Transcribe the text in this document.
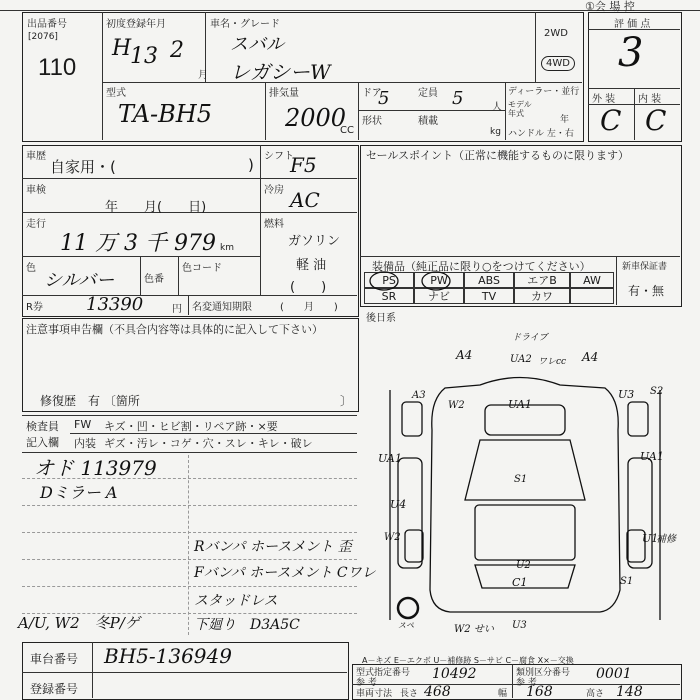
①会 場 控
出品番号
[2076]
110
初度登録年月
H
13 2
月
車名・グレード
スバル
レガシーW
2WD
4WD
評 価 点
3
外 装 内 装
C C
型式
TA-BH5
排気量
2000
CC
ドア
5	定員 5	人
形状	積載
kg
ディーラー・並行
モデル年式
年
ハンドル 左・右
車歴
自家用・(	) シフト
F5
車検
年　　月(　　日)
冷房 AC
走行
11 万 3 千 979 km
燃料
ガソリン
軽 油
(　　)
色
シルバー	色番
色コード
R券 13390	円 名変通知期限	(　　月　　)
セールスポイント（正常に機能するものに限ります）
装備品（純正品に限り○をつけてください）	新車保証書
有・無
PS	PW	ABS	エアB	AW
SR	ナビ	TV	カワ
後日系
注意事項申告欄（不具合内容等は具体的に記入して下さい）
修復歴　有 〔箇所	〕
検査員
記入欄
FW キズ・凹・ヒビ割・リペア跡・×要
内装 ギズ・汚レ・コゲ・穴・スレ・キレ・破レ
オド 113979
Dミラー A
A/U, W2　冬P/ゲ
Rバンパ ホースメント 歪
Fバンパ ホースメント Cワレ
スタッドレス
下廻り　D3A5C
A4
ドライブ
UA2 ワレcc A4
A3
W2	UA1
U3 S2
UA1	UA1
S1
U4
U1
補修
W2
C1	S1
U2
U3
スペ	W2 せい
車台番号 BH5-136949
登録番号
A－キズ E－エクボ U－補修跡 S－サビ C－腐食 X×－交換
型式指定番号
参 考
10492	類別区分番号
参 考
0001
車両寸法 長さ 468	幅 168	高さ 148
